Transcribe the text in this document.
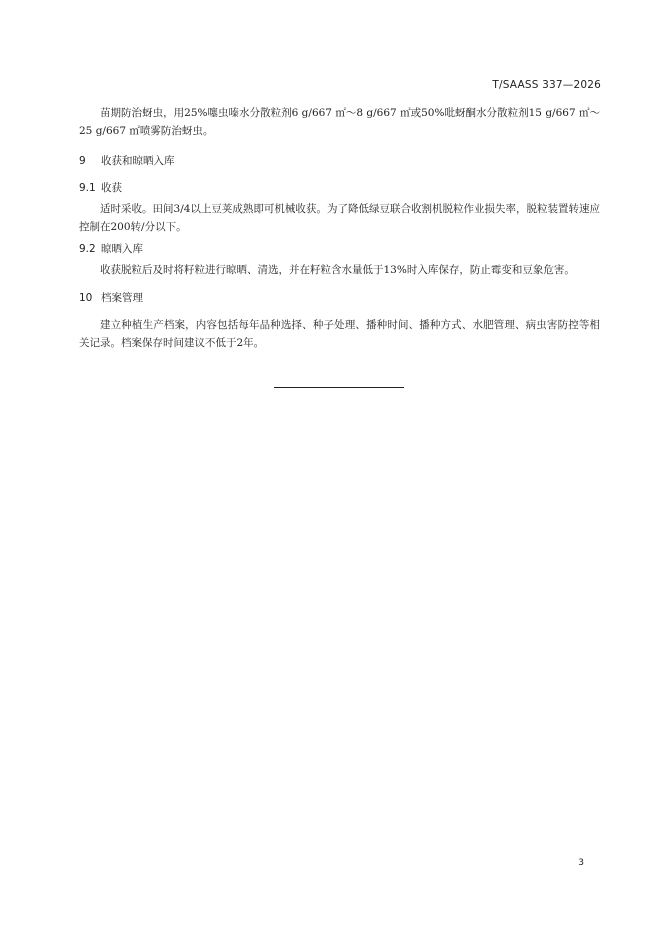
T/SAASS 337—2026

苗期防治蚜虫，用25%噻虫嗪水分散粒剂6 g/667 ㎡～8 g/667 ㎡或50%吡蚜酮水分散粒剂15 g/667 ㎡～25 g/667 ㎡喷雾防治蚜虫。

9 收获和晾晒入库
9.1 收获

适时采收。田间3/4以上豆荚成熟即可机械收获。为了降低绿豆联合收割机脱粒作业损失率，脱粒装置转速应控制在200转/分以下。

9.2 晾晒入库

收获脱粒后及时将籽粒进行晾晒、清选，并在籽粒含水量低于13%时入库保存，防止霉变和豆象危害。

10 档案管理

建立种植生产档案，内容包括每年品种选择、种子处理、播种时间、播种方式、水肥管理、病虫害防控等相关记录。档案保存时间建议不低于2年。

3
